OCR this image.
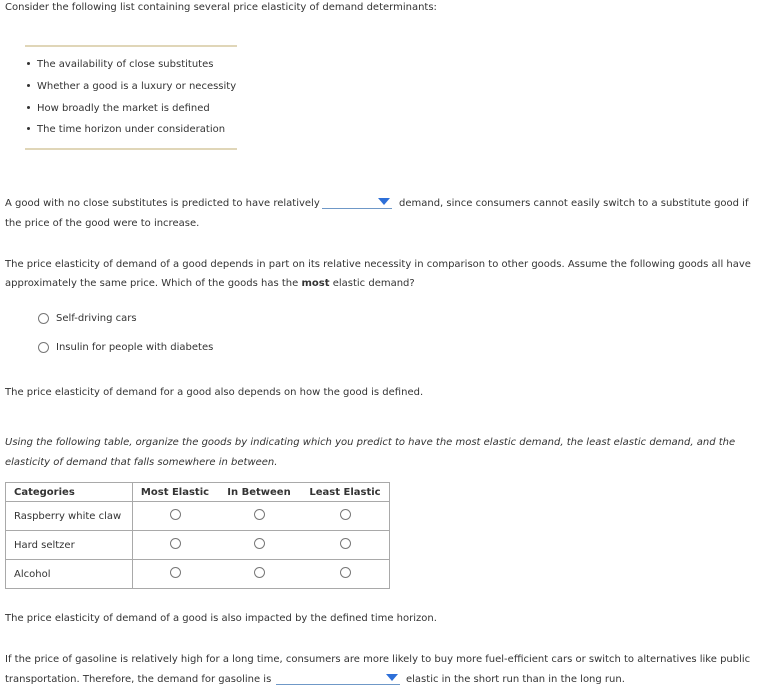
Consider the following list containing several price elasticity of demand determinants:
The availability of close substitutes
Whether a good is a luxury or necessity
How broadly the market is defined
The time horizon under consideration
A good with no close substitutes is predicted to have relatively	demand, since consumers cannot easily switch to a substitute good if
the price of the good were to increase.
The price elasticity of demand of a good depends in part on its relative necessity in comparison to other goods. Assume the following goods all have
approximately the same price. Which of the goods has the most elastic demand?
Self-driving cars
Insulin for people with diabetes
The price elasticity of demand for a good also depends on how the good is defined.
Using the following table, organize the goods by indicating which you predict to have the most elastic demand, the least elastic demand, and the
elasticity of demand that falls somewhere in between.
Categories	Most Elastic	In Between	Least Elastic
Raspberry white claw			
Hard seltzer			
Alcohol			
The price elasticity of demand of a good is also impacted by the defined time horizon.
If the price of gasoline is relatively high for a long time, consumers are more likely to buy more fuel-efficient cars or switch to alternatives like public
transportation. Therefore, the demand for gasoline is	elastic in the short run than in the long run.
